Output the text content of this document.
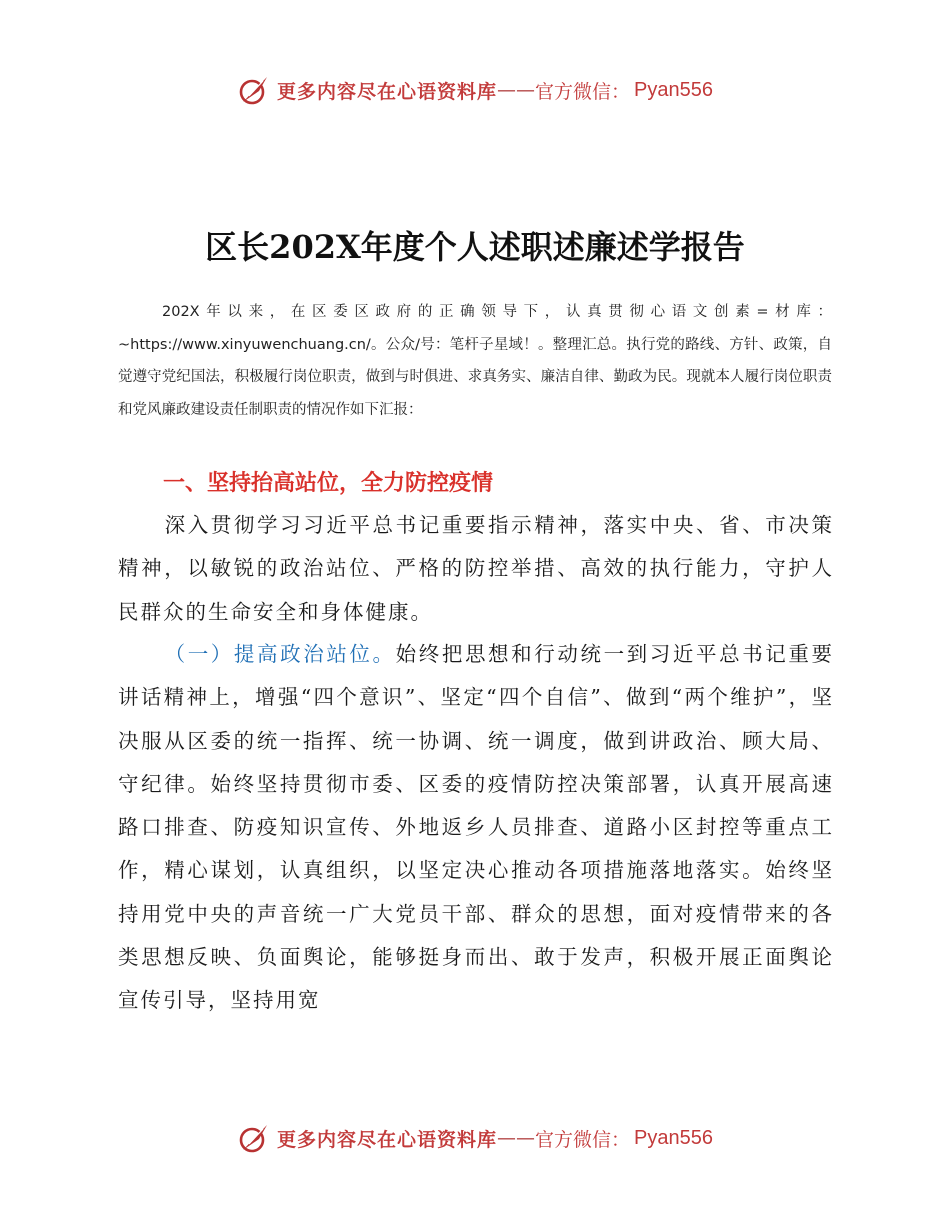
更多内容尽在心语资料库 —— 官方微信： Pyan556
区长202X年度个人述职述廉述学报告

202X年以来，在区委区政府的正确领导下，认真贯彻心语文创素=材库：~https://www.xinyuwenchuang.cn/。公众/号：笔杆子星域！。整理汇总。执行党的路线、方针、政策，自觉遵守党纪国法，积极履行岗位职责，做到与时俱进、求真务实、廉洁自律、勤政为民。现就本人履行岗位职责和党风廉政建设责任制职责的情况作如下汇报：

一、坚持抬高站位，全力防控疫情

深入贯彻学习习近平总书记重要指示精神，落实中央、省、市决策精神，以敏锐的政治站位、严格的防控举措、高效的执行能力，守护人民群众的生命安全和身体健康。

（一）提高政治站位。始终把思想和行动统一到习近平总书记重要讲话精神上，增强“四个意识”、坚定“四个自信”、做到“两个维护”，坚决服从区委的统一指挥、统一协调、统一调度，做到讲政治、顾大局、守纪律。始终坚持贯彻市委、区委的疫情防控决策部署，认真开展高速路口排查、防疫知识宣传、外地返乡人员排查、道路小区封控等重点工作，精心谋划，认真组织，以坚定决心推动各项措施落地落实。始终坚持用党中央的声音统一广大党员干部、群众的思想，面对疫情带来的各类思想反映、负面舆论，能够挺身而出、敢于发声，积极开展正面舆论宣传引导，坚持用宽

更多内容尽在心语资料库 —— 官方微信： Pyan556
